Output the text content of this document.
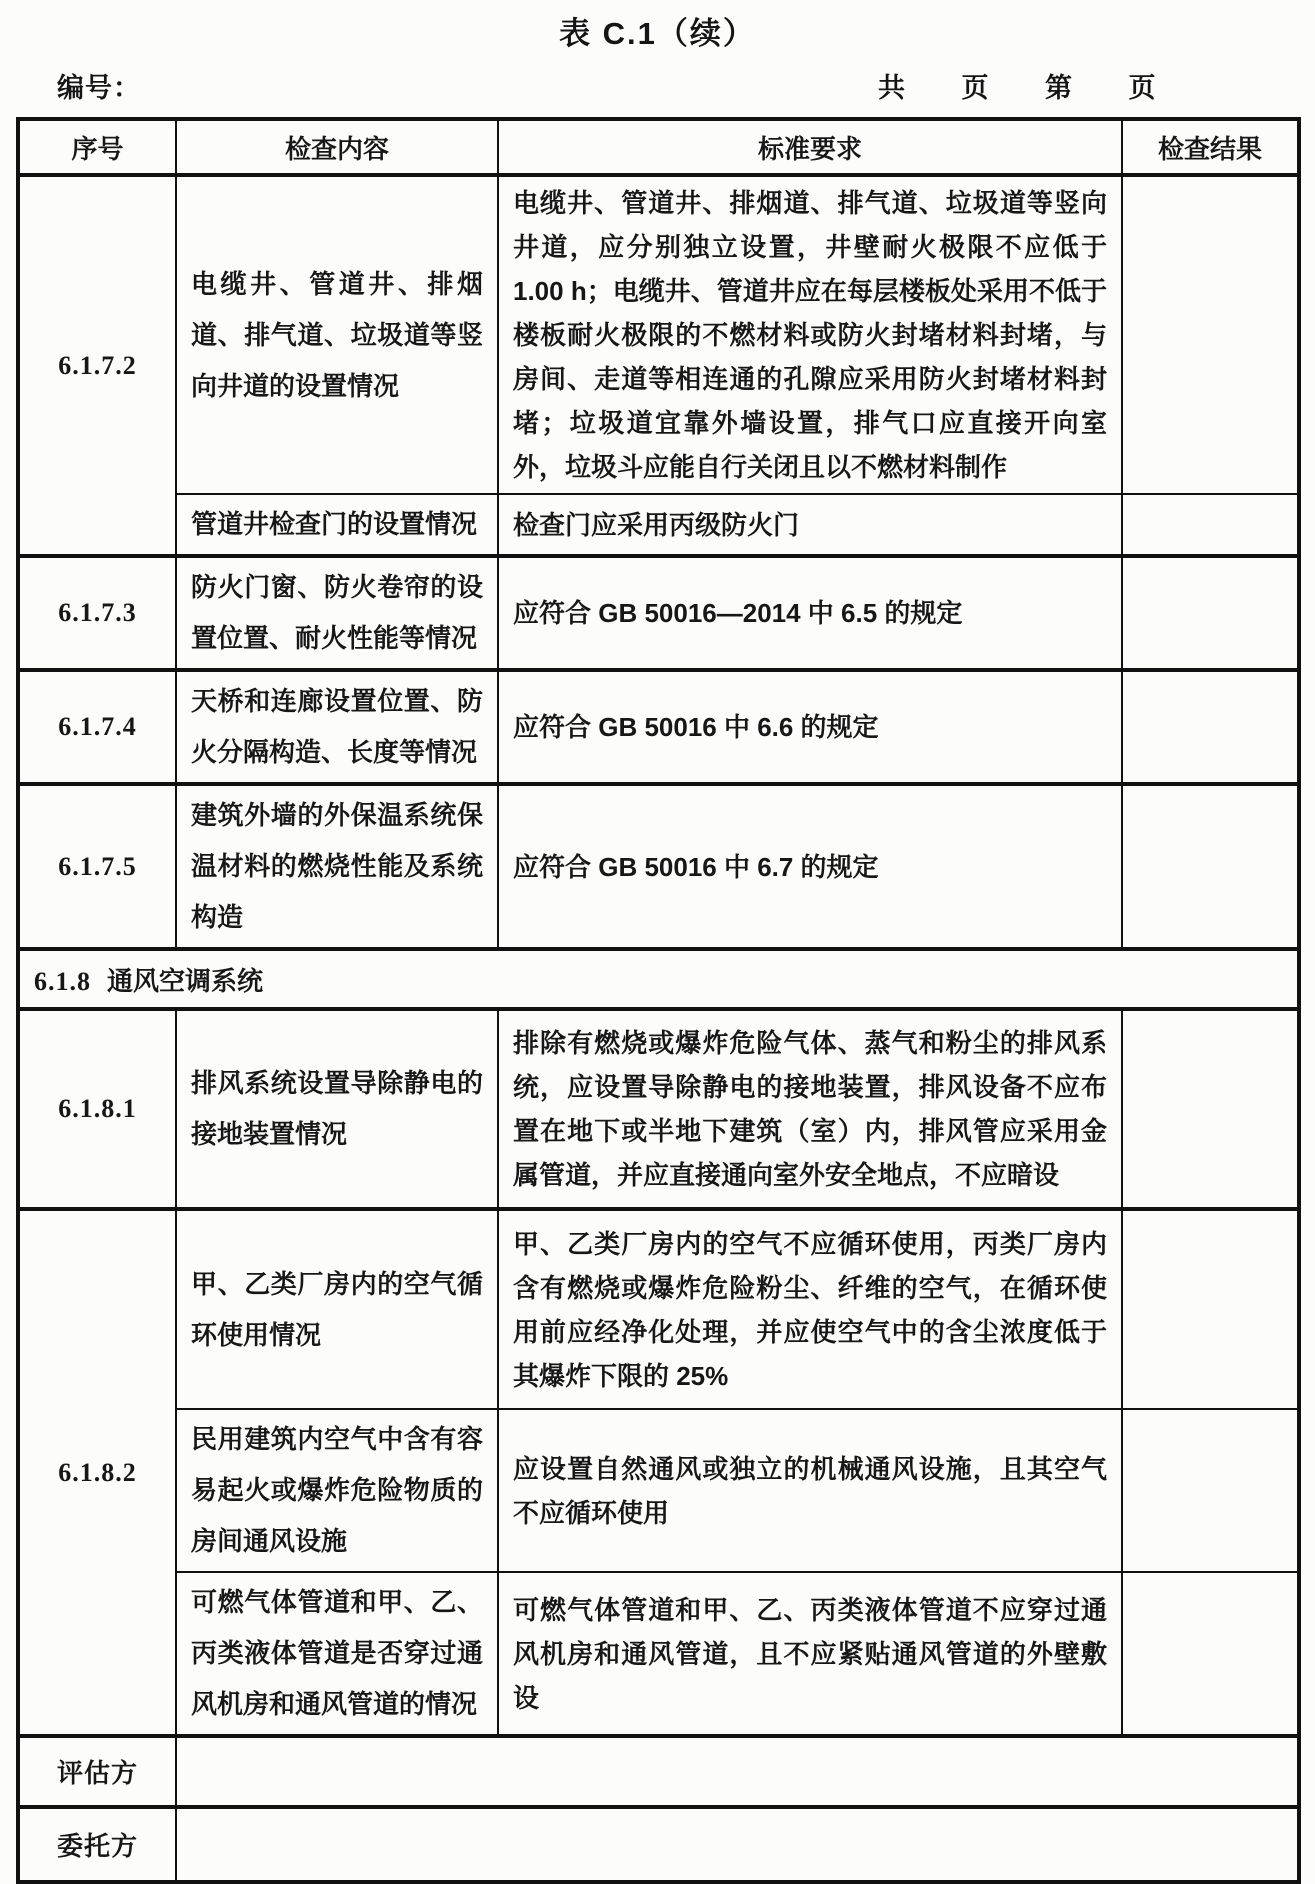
表 C.1（续）
编号：	共 页 第 页
序号	检查内容	标准要求	检查结果
6.1.7.2	电缆井、管道井、排烟道、排气道、垃圾道等竖向井道的设置情况	电缆井、管道井、排烟道、排气道、垃圾道等竖向井道，应分别独立设置，井壁耐火极限不应低于 1.00 h；电缆井、管道井应在每层楼板处采用不低于楼板耐火极限的不燃材料或防火封堵材料封堵，与房间、走道等相连通的孔隙应采用防火封堵材料封堵；垃圾道宜靠外墙设置，排气口应直接开向室外，垃圾斗应能自行关闭且以不燃材料制作	
	管道井检查门的设置情况	检查门应采用丙级防火门	
6.1.7.3	防火门窗、防火卷帘的设置位置、耐火性能等情况	应符合 GB 50016—2014 中 6.5 的规定	
6.1.7.4	天桥和连廊设置位置、防火分隔构造、长度等情况	应符合 GB 50016 中 6.6 的规定	
6.1.7.5	建筑外墙的外保温系统保温材料的燃烧性能及系统构造	应符合 GB 50016 中 6.7 的规定	
6.1.8 通风空调系统			
6.1.8.1	排风系统设置导除静电的接地装置情况	排除有燃烧或爆炸危险气体、蒸气和粉尘的排风系统，应设置导除静电的接地装置，排风设备不应布置在地下或半地下建筑（室）内，排风管应采用金属管道，并应直接通向室外安全地点，不应暗设	
6.1.8.2	甲、乙类厂房内的空气循环使用情况	甲、乙类厂房内的空气不应循环使用，丙类厂房内含有燃烧或爆炸危险粉尘、纤维的空气，在循环使用前应经净化处理，并应使空气中的含尘浓度低于其爆炸下限的 25%	
	民用建筑内空气中含有容易起火或爆炸危险物质的房间通风设施	应设置自然通风或独立的机械通风设施，且其空气不应循环使用	
	可燃气体管道和甲、乙、丙类液体管道是否穿过通风机房和通风管道的情况	可燃气体管道和甲、乙、丙类液体管道不应穿过通风机房和通风管道，且不应紧贴通风管道的外壁敷设	
评估方			
委托方			
